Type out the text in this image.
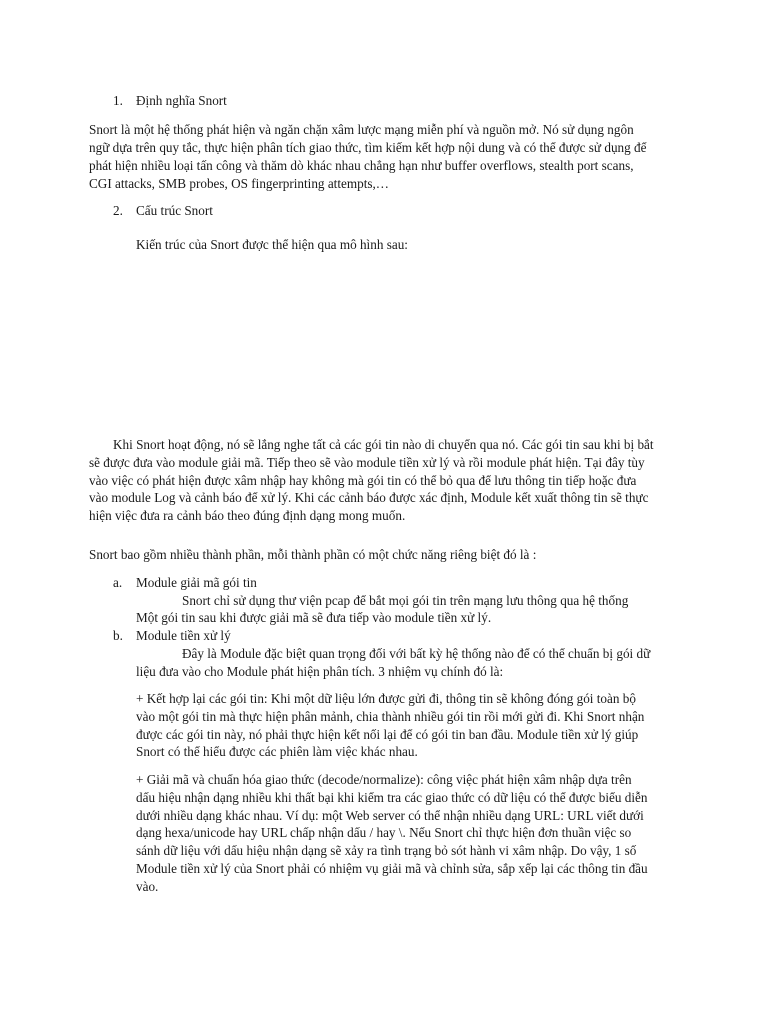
1. Định nghĩa Snort
Snort là một hệ thống phát hiện và ngăn chặn xâm lược mạng miễn phí và nguồn mở. Nó sử dụng ngôn
ngữ dựa trên quy tắc, thực hiện phân tích giao thức, tìm kiếm kết hợp nội dung và có thể được sử dụng để
phát hiện nhiều loại tấn công và thăm dò khác nhau chẳng hạn như buffer overflows, stealth port scans,
CGI attacks, SMB probes, OS fingerprinting attempts,…
2. Cấu trúc Snort
Kiến trúc của Snort được thể hiện qua mô hình sau:
Khi Snort hoạt động, nó sẽ lắng nghe tất cả các gói tin nào di chuyển qua nó. Các gói tin sau khi bị bắt
sẽ được đưa vào module giải mã. Tiếp theo sẽ vào module tiền xử lý và rồi module phát hiện. Tại đây tùy
vào việc có phát hiện được xâm nhập hay không mà gói tin có thể bỏ qua để lưu thông tin tiếp hoặc đưa
vào module Log và cảnh báo để xử lý. Khi các cảnh báo được xác định, Module kết xuất thông tin sẽ thực
hiện việc đưa ra cảnh báo theo đúng định dạng mong muốn.
Snort bao gồm nhiều thành phần, mỗi thành phần có một chức năng riêng biệt đó là :
a. Module giải mã gói tin
Snort chỉ sử dụng thư viện pcap để bắt mọi gói tin trên mạng lưu thông qua hệ thống
Một gói tin sau khi được giải mã sẽ đưa tiếp vào module tiền xử lý.
b. Module tiền xử lý
Đây là Module đặc biệt quan trọng đối với bất kỳ hệ thống nào để có thể chuẩn bị gói dữ
liệu đưa vào cho Module phát hiện phân tích. 3 nhiệm vụ chính đó là:
+ Kết hợp lại các gói tin: Khi một dữ liệu lớn được gửi đi, thông tin sẽ không đóng gói toàn bộ
vào một gói tin mà thực hiện phân mảnh, chia thành nhiều gói tin rồi mới gửi đi. Khi Snort nhận
được các gói tin này, nó phải thực hiện kết nối lại để có gói tin ban đầu. Module tiền xử lý giúp
Snort có thể hiểu được các phiên làm việc khác nhau.
+ Giải mã và chuẩn hóa giao thức (decode/normalize): công việc phát hiện xâm nhập dựa trên
dấu hiệu nhận dạng nhiều khi thất bại khi kiểm tra các giao thức có dữ liệu có thể được biểu diễn
dưới nhiều dạng khác nhau. Ví dụ: một Web server có thể nhận nhiều dạng URL: URL viết dưới
dạng hexa/unicode hay URL chấp nhận dấu / hay \. Nếu Snort chỉ thực hiện đơn thuần việc so
sánh dữ liệu với dấu hiệu nhận dạng sẽ xảy ra tình trạng bỏ sót hành vi xâm nhập. Do vậy, 1 số
Module tiền xử lý của Snort phải có nhiệm vụ giải mã và chỉnh sửa, sắp xếp lại các thông tin đầu
vào.
